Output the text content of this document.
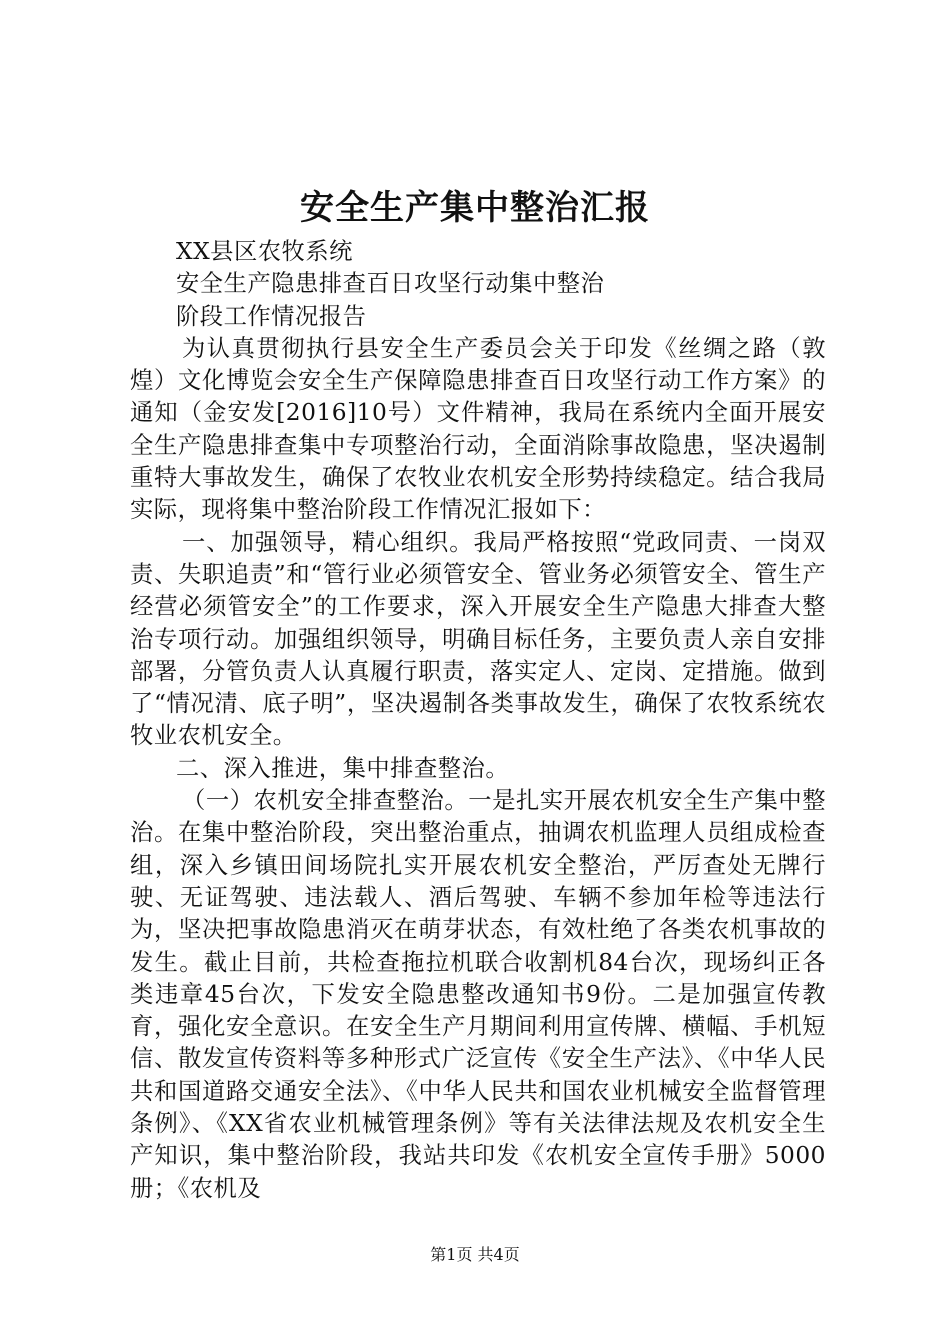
安全生产集中整治汇报

XX县区农牧系统

安全生产隐患排查百日攻坚行动集中整治

阶段工作情况报告

为认真贯彻执行县安全生产委员会关于印发《丝绸之路（敦煌）文化博览会安全生产保障隐患排查百日攻坚行动工作方案》的通知（金安发[2016]10号）文件精神，我局在系统内全面开展安全生产隐患排查集中专项整治行动，全面消除事故隐患，坚决遏制重特大事故发生，确保了农牧业农机安全形势持续稳定。结合我局实际，现将集中整治阶段工作情况汇报如下：

一、加强领导，精心组织。我局严格按照“党政同责、一岗双责、失职追责”和“管行业必须管安全、管业务必须管安全、管生产经营必须管安全”的工作要求，深入开展安全生产隐患大排查大整治专项行动。加强组织领导，明确目标任务，主要负责人亲自安排部署，分管负责人认真履行职责，落实定人、定岗、定措施。做到了“情况清、底子明”，坚决遏制各类事故发生，确保了农牧系统农牧业农机安全。

二、深入推进，集中排查整治。

（一）农机安全排查整治。一是扎实开展农机安全生产集中整治。在集中整治阶段，突出整治重点，抽调农机监理人员组成检查组，深入乡镇田间场院扎实开展农机安全整治，严厉查处无牌行驶、无证驾驶、违法载人、酒后驾驶、车辆不参加年检等违法行为，坚决把事故隐患消灭在萌芽状态，有效杜绝了各类农机事故的发生。截止目前，共检查拖拉机联合收割机84台次，现场纠正各类违章45台次，下发安全隐患整改通知书9份。二是加强宣传教育，强化安全意识。在安全生产月期间利用宣传牌、横幅、手机短信、散发宣传资料等多种形式广泛宣传《安全生产法》、《中华人民共和国道路交通安全法》、《中华人民共和国农业机械安全监督管理条例》、《XX省农业机械管理条例》等有关法律法规及农机安全生产知识，集中整治阶段，我站共印发《农机安全宣传手册》5000册；《农机及

第1页 共4页
